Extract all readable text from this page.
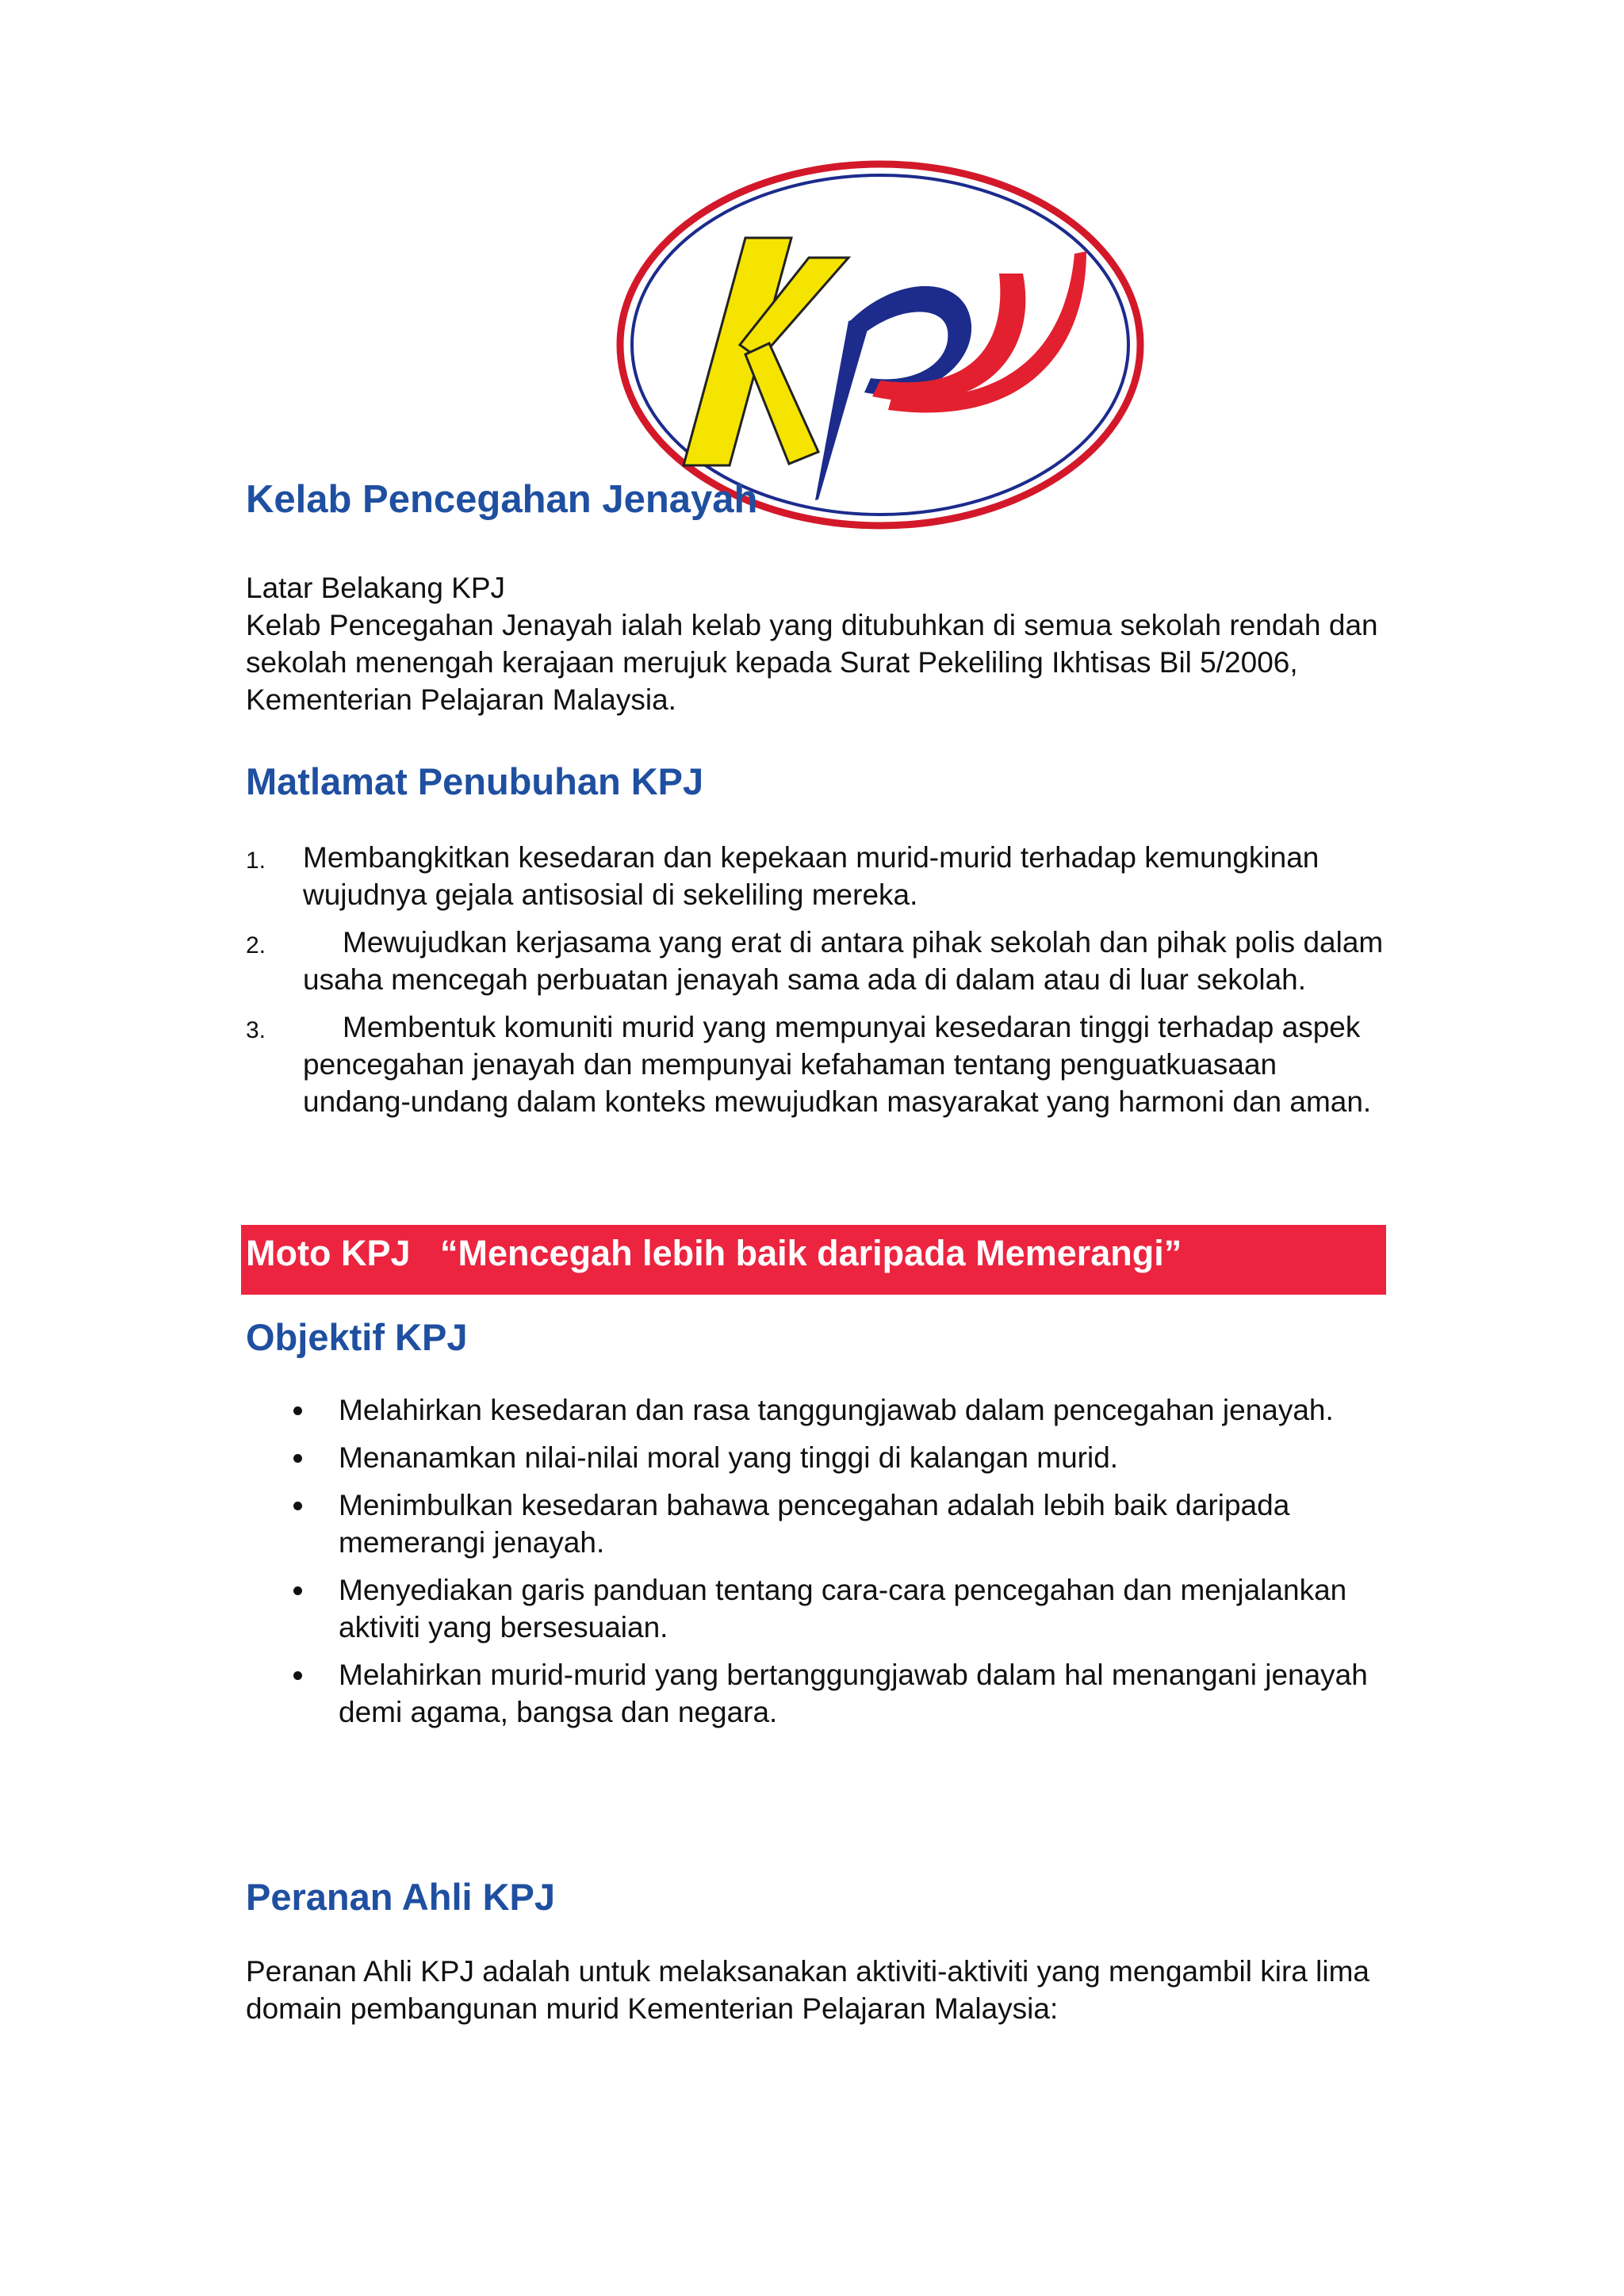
Kelab Pencegahan Jenayah

Latar Belakang KPJ

Kelab Pencegahan Jenayah ialah kelab yang ditubuhkan di semua sekolah rendah dan sekolah menengah kerajaan merujuk kepada Surat Pekeliling Ikhtisas Bil 5/2006, Kementerian Pelajaran Malaysia.

Matlamat Penubuhan KPJ
1. Membangkitkan kesedaran dan kepekaan murid-murid terhadap kemungkinan wujudnya gejala antisosial di sekeliling mereka.
2.	Mewujudkan kerjasama yang erat di antara pihak sekolah dan pihak polis dalam usaha mencegah perbuatan jenayah sama ada di dalam atau di luar sekolah.
3.	Membentuk komuniti murid yang mempunyai kesedaran tinggi terhadap aspek pencegahan jenayah dan mempunyai kefahaman tentang penguatkuasaan undang-undang dalam konteks mewujudkan masyarakat yang harmoni dan aman.
Moto KPJ “Mencegah lebih baik daripada Memerangi”
Objektif KPJ
Melahirkan kesedaran dan rasa tanggungjawab dalam pencegahan jenayah.
Menanamkan nilai-nilai moral yang tinggi di kalangan murid.
Menimbulkan kesedaran bahawa pencegahan adalah lebih baik daripada memerangi jenayah.
Menyediakan garis panduan tentang cara-cara pencegahan dan menjalankan aktiviti yang bersesuaian.
Melahirkan murid-murid yang bertanggungjawab dalam hal menangani jenayah demi agama, bangsa dan negara.
Peranan Ahli KPJ

Peranan Ahli KPJ adalah untuk melaksanakan aktiviti-aktiviti yang mengambil kira lima domain pembangunan murid Kementerian Pelajaran Malaysia:
